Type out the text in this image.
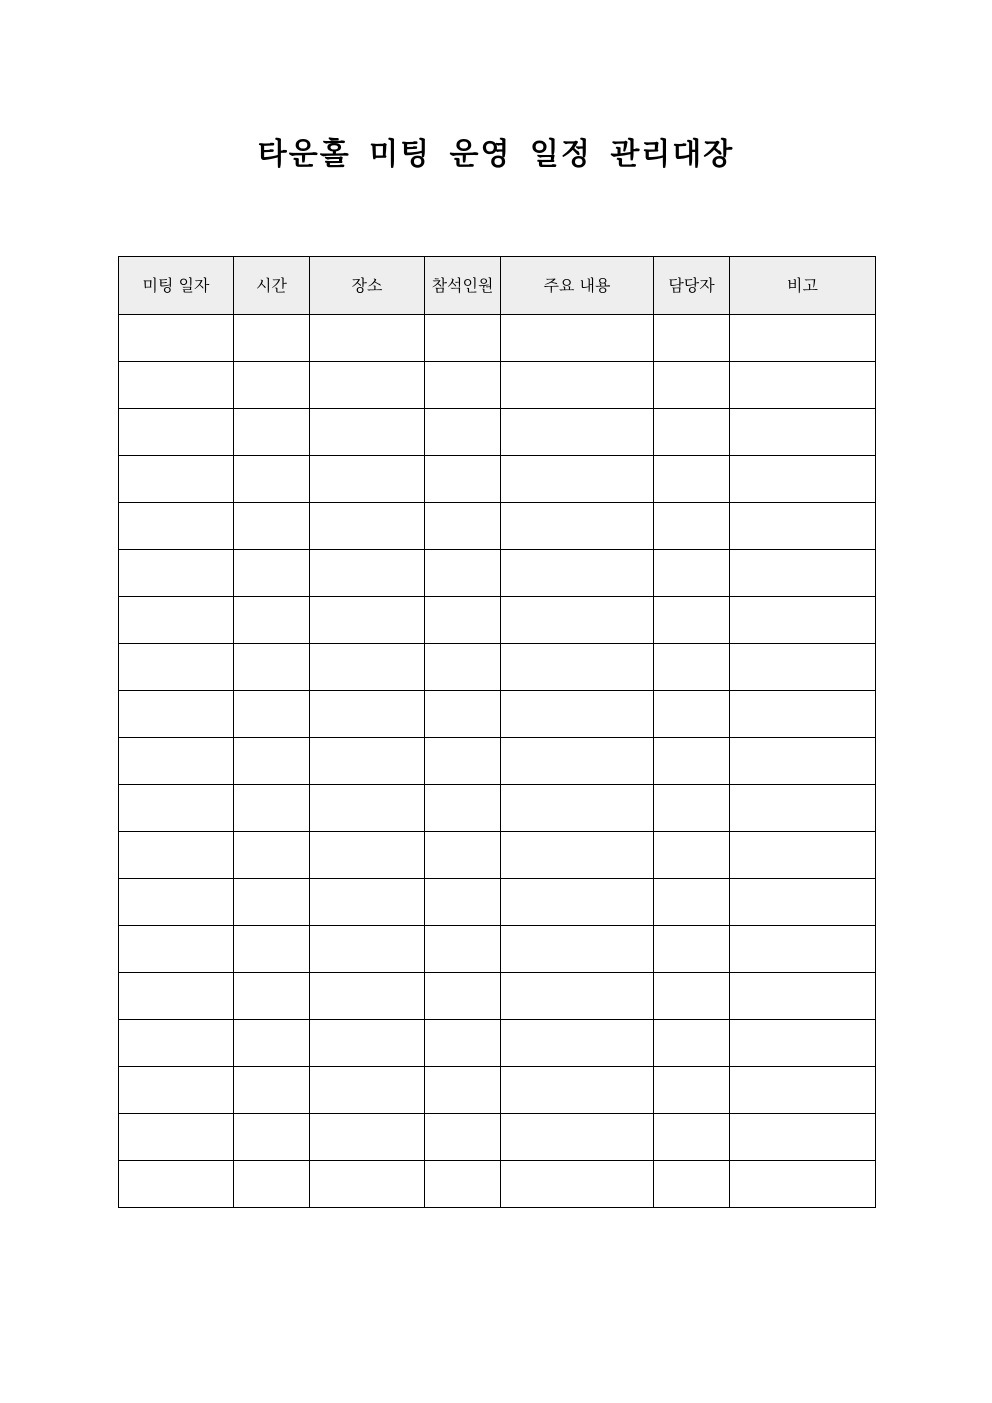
타운홀 미팅 운영 일정 관리대장
미팅 일자	시간	장소	참석인원	주요 내용	담당자	비고
